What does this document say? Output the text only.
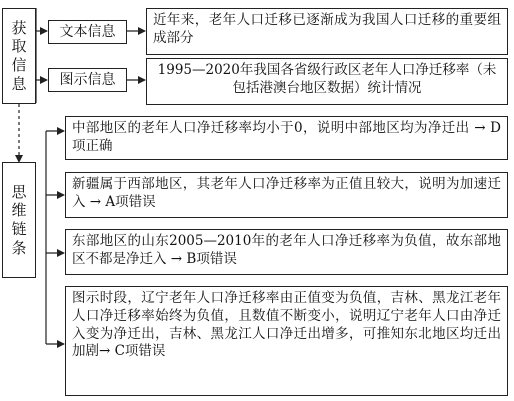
获
取
信
息
文本信息
近年来，老年人口迁移已逐渐成为我国人口迁移的重要组成部分
图示信息
1995—2020年我国各省级行政区老年人口净迁移率（未包括港澳台地区数据）统计情况
思
维
链
条
中部地区的老年人口净迁移率均小于0，说明中部地区均为净迁出 → D项正确
新疆属于西部地区，其老年人口净迁移率为正值且较大，说明为加速迁入 → A项错误
东部地区的山东2005—2010年的老年人口净迁移率为负值，故东部地区不都是净迁入 → B项错误
图示时段，辽宁老年人口净迁移率由正值变为负值，吉林、黑龙江老年人口净迁移率始终为负值，且数值不断变小，说明辽宁老年人口由净迁入变为净迁出，吉林、黑龙江人口净迁出增多，可推知东北地区均迁出加剧→ C项错误
